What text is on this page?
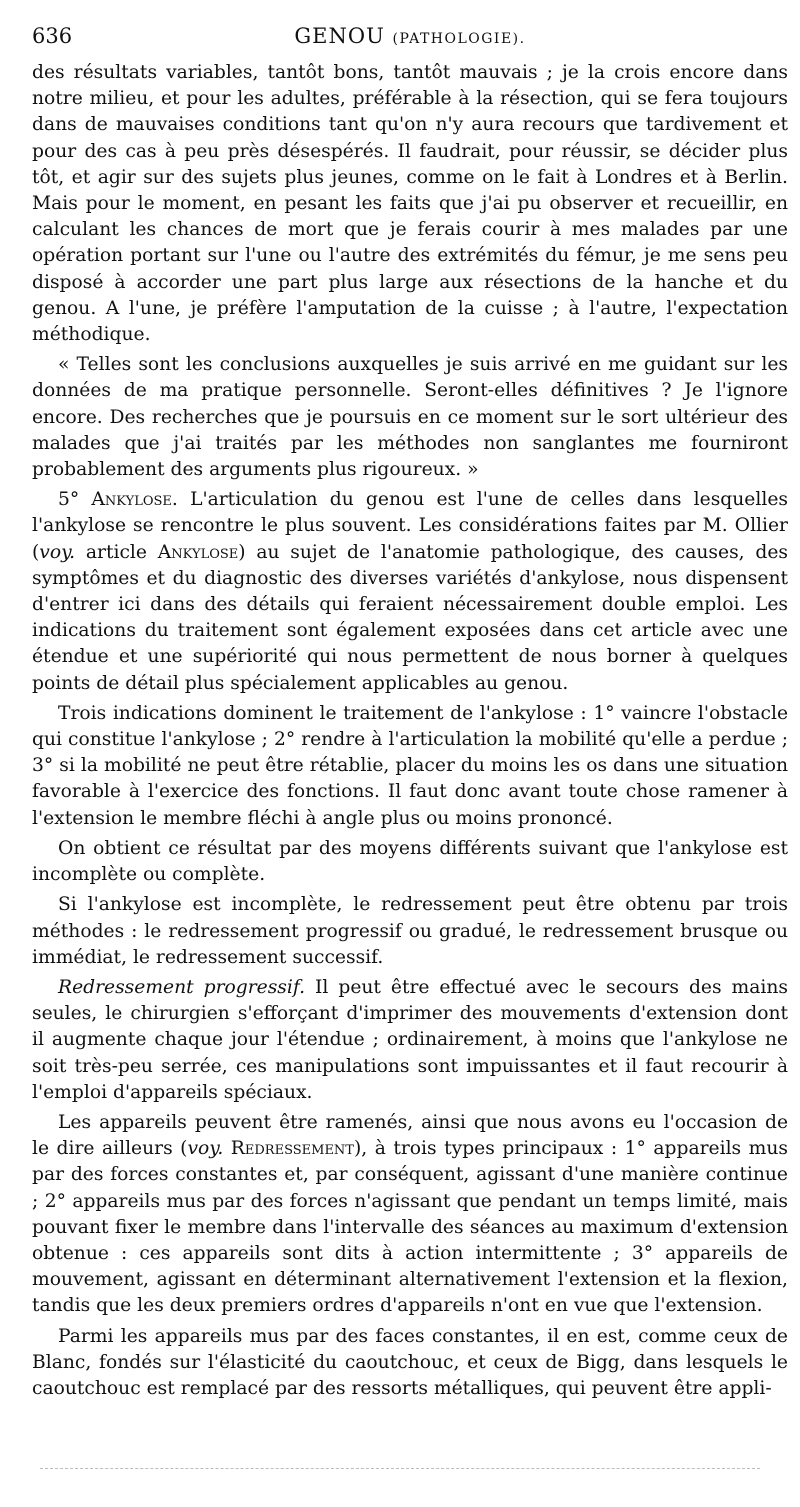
636	GENOU (PATHOLOGIE).

des résultats variables, tantôt bons, tantôt mauvais ; je la crois encore dans notre milieu, et pour les adultes, préférable à la résection, qui se fera toujours dans de mauvaises conditions tant qu'on n'y aura recours que tardivement et pour des cas à peu près désespérés. Il faudrait, pour réussir, se décider plus tôt, et agir sur des sujets plus jeunes, comme on le fait à Londres et à Berlin. Mais pour le moment, en pesant les faits que j'ai pu observer et recueillir, en calculant les chances de mort que je ferais courir à mes malades par une opération portant sur l'une ou l'autre des extrémités du fémur, je me sens peu disposé à accorder une part plus large aux résections de la hanche et du genou. A l'une, je préfère l'amputation de la cuisse ; à l'autre, l'expectation méthodique.

« Telles sont les conclusions auxquelles je suis arrivé en me guidant sur les données de ma pratique personnelle. Seront-elles définitives ? Je l'ignore encore. Des recherches que je poursuis en ce moment sur le sort ultérieur des malades que j'ai traités par les méthodes non sanglantes me fourniront probablement des arguments plus rigoureux. »

5° Ankylose. L'articulation du genou est l'une de celles dans lesquelles l'ankylose se rencontre le plus souvent. Les considérations faites par M. Ollier (voy. article Ankylose) au sujet de l'anatomie pathologique, des causes, des symptômes et du diagnostic des diverses variétés d'ankylose, nous dispensent d'entrer ici dans des détails qui feraient nécessairement double emploi. Les indications du traitement sont également exposées dans cet article avec une étendue et une supériorité qui nous permettent de nous borner à quelques points de détail plus spécialement applicables au genou.

Trois indications dominent le traitement de l'ankylose : 1° vaincre l'obstacle qui constitue l'ankylose ; 2° rendre à l'articulation la mobilité qu'elle a perdue ; 3° si la mobilité ne peut être rétablie, placer du moins les os dans une situation favorable à l'exercice des fonctions. Il faut donc avant toute chose ramener à l'extension le membre fléchi à angle plus ou moins prononcé.

On obtient ce résultat par des moyens différents suivant que l'ankylose est incomplète ou complète.

Si l'ankylose est incomplète, le redressement peut être obtenu par trois méthodes : le redressement progressif ou gradué, le redressement brusque ou immédiat, le redressement successif.

Redressement progressif. Il peut être effectué avec le secours des mains seules, le chirurgien s'efforçant d'imprimer des mouvements d'extension dont il augmente chaque jour l'étendue ; ordinairement, à moins que l'ankylose ne soit très-peu serrée, ces manipulations sont impuissantes et il faut recourir à l'emploi d'appareils spéciaux.

Les appareils peuvent être ramenés, ainsi que nous avons eu l'occasion de le dire ailleurs (voy. Redressement), à trois types principaux : 1° appareils mus par des forces constantes et, par conséquent, agissant d'une manière continue ; 2° appareils mus par des forces n'agissant que pendant un temps limité, mais pouvant fixer le membre dans l'intervalle des séances au maximum d'extension obtenue : ces appareils sont dits à action intermittente ; 3° appareils de mouvement, agissant en déterminant alternativement l'extension et la flexion, tandis que les deux premiers ordres d'appareils n'ont en vue que l'extension.

Parmi les appareils mus par des faces constantes, il en est, comme ceux de Blanc, fondés sur l'élasticité du caoutchouc, et ceux de Bigg, dans lesquels le caoutchouc est remplacé par des ressorts métalliques, qui peuvent être appli-
